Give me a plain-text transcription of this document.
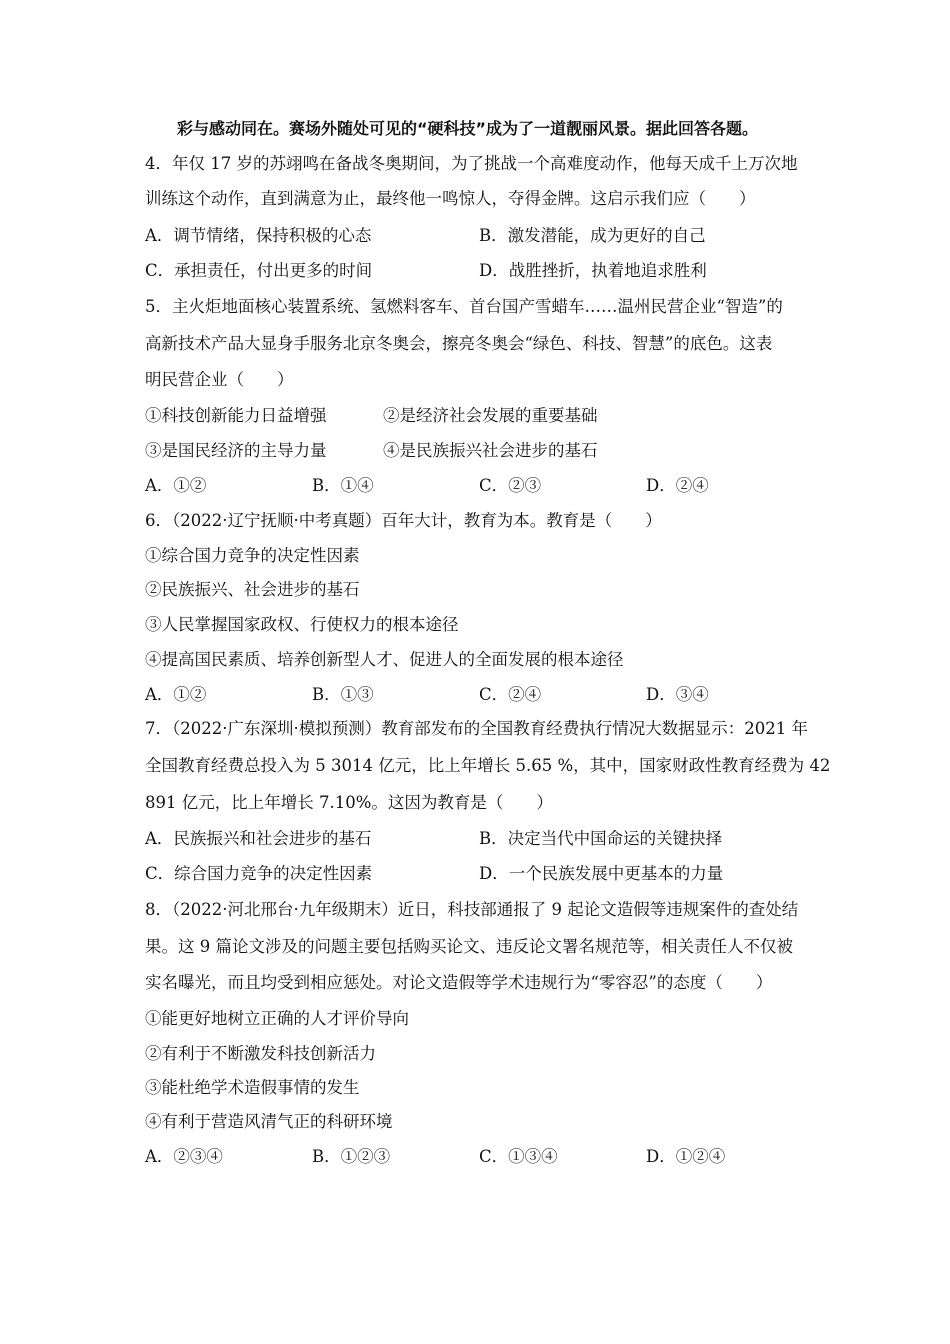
彩与感动同在。赛场外随处可见的“硬科技”成为了一道靓丽风景。据此回答各题。
4．年仅 17 岁的苏翊鸣在备战冬奥期间，为了挑战一个高难度动作，他每天成千上万次地
训练这个动作，直到满意为止，最终他一鸣惊人，夺得金牌。这启示我们应（　　）
A．调节情绪，保持积极的心态	B．激发潜能，成为更好的自己
C．承担责任，付出更多的时间	D．战胜挫折，执着地追求胜利
5．主火炬地面核心装置系统、氢燃料客车、首台国产雪蜡车……温州民营企业“智造”的
高新技术产品大显身手服务北京冬奥会，擦亮冬奥会“绿色、科技、智慧”的底色。这表
明民营企业（　　）
①科技创新能力日益增强	②是经济社会发展的重要基础
③是国民经济的主导力量	④是民族振兴社会进步的基石
A．①②	B．①④	C．②③	D．②④
6．（2022·辽宁抚顺·中考真题）百年大计，教育为本。教育是（　　）
①综合国力竞争的决定性因素
②民族振兴、社会进步的基石
③人民掌握国家政权、行使权力的根本途径
④提高国民素质、培养创新型人才、促进人的全面发展的根本途径
A．①②	B．①③	C．②④	D．③④
7．（2022·广东深圳·模拟预测）教育部发布的全国教育经费执行情况大数据显示：2021 年
全国教育经费总投入为 5 3014 亿元，比上年增长 5.65 %，其中，国家财政性教育经费为 42
891 亿元，比上年增长 7.10%。这因为教育是（　　）
A．民族振兴和社会进步的基石	B．决定当代中国命运的关键抉择
C．综合国力竞争的决定性因素	D．一个民族发展中更基本的力量
8．（2022·河北邢台·九年级期末）近日，科技部通报了 9 起论文造假等违规案件的查处结
果。这 9 篇论文涉及的问题主要包括购买论文、违反论文署名规范等，相关责任人不仅被
实名曝光，而且均受到相应惩处。对论文造假等学术违规行为“零容忍”的态度（　　）
①能更好地树立正确的人才评价导向
②有利于不断激发科技创新活力
③能杜绝学术造假事情的发生
④有利于营造风清气正的科研环境
A．②③④	B．①②③	C．①③④	D．①②④
